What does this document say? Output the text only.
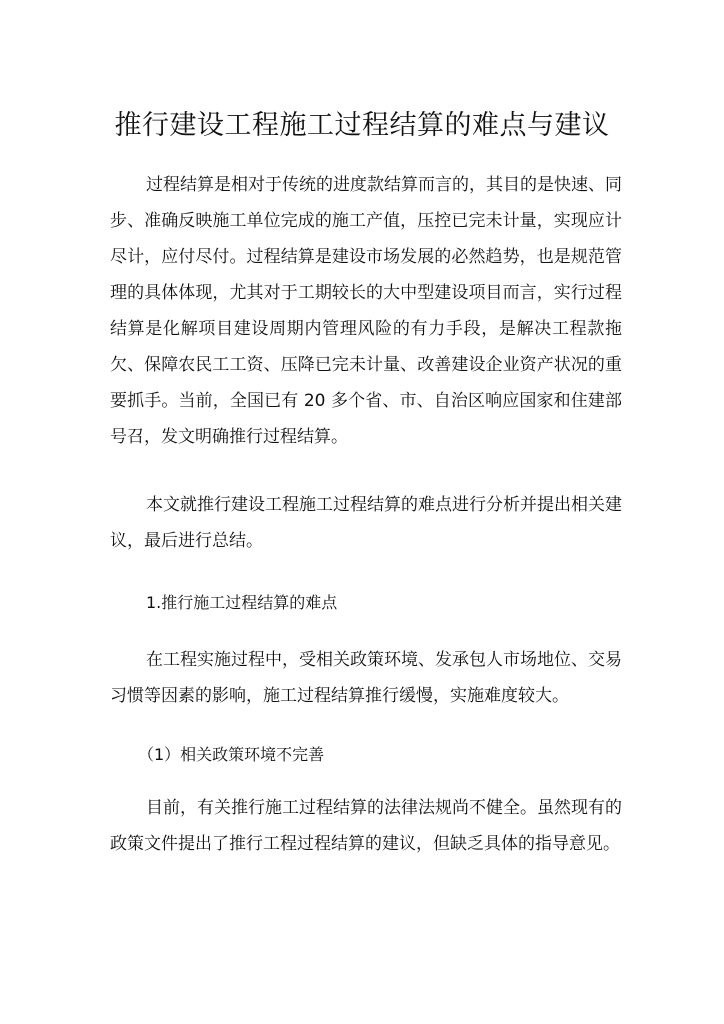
推行建设工程施工过程结算的难点与建议

过程结算是相对于传统的进度款结算而言的，其目的是快速、同步、准确反映施工单位完成的施工产值，压控已完未计量，实现应计尽计，应付尽付。过程结算是建设市场发展的必然趋势，也是规范管理的具体体现，尤其对于工期较长的大中型建设项目而言，实行过程结算是化解项目建设周期内管理风险的有力手段，是解决工程款拖欠、保障农民工工资、压降已完未计量、改善建设企业资产状况的重要抓手。当前，全国已有 20 多个省、市、自治区响应国家和住建部号召，发文明确推行过程结算。

本文就推行建设工程施工过程结算的难点进行分析并提出相关建议，最后进行总结。

1.推行施工过程结算的难点

在工程实施过程中，受相关政策环境、发承包人市场地位、交易习惯等因素的影响，施工过程结算推行缓慢，实施难度较大。

（1）相关政策环境不完善

目前，有关推行施工过程结算的法律法规尚不健全。虽然现有的政策文件提出了推行工程过程结算的建议，但缺乏具体的指导意见。
